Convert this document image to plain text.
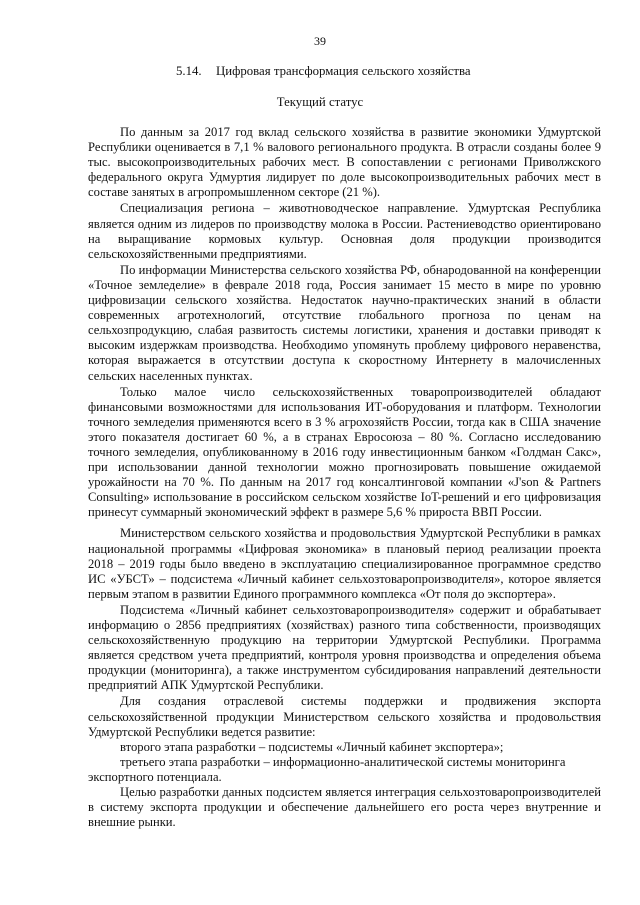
39
5.14. Цифровая трансформация сельского хозяйства
Текущий статус

По данным за 2017 год вклад сельского хозяйства в развитие экономики Удмуртской Республики оценивается в 7,1 % валового регионального продукта. В отрасли созданы более 9 тыс. высокопроизводительных рабочих мест. В сопоставлении с регионами Приволжского федерального округа Удмуртия лидирует по доле высокопроизводительных рабочих мест в составе занятых в агропромышленном секторе (21 %).

Специализация региона – животноводческое направление. Удмуртская Республика является одним из лидеров по производству молока в России. Растениеводство ориентировано на выращивание кормовых культур. Основная доля продукции производится сельскохозяйственными предприятиями.

По информации Министерства сельского хозяйства РФ, обнародованной на конференции «Точное земледелие» в феврале 2018 года, Россия занимает 15 место в мире по уровню цифровизации сельского хозяйства. Недостаток научно-практических знаний в области современных агротехнологий, отсутствие глобального прогноза по ценам на сельхозпродукцию, слабая развитость системы логистики, хранения и доставки приводят к высоким издержкам производства. Необходимо упомянуть проблему цифрового неравенства, которая выражается в отсутствии доступа к скоростному Интернету в малочисленных сельских населенных пунктах.

Только малое число сельскохозяйственных товаропроизводителей обладают финансовыми возможностями для использования ИТ-оборудования и платформ. Технологии точного земледелия применяются всего в 3 % агрохозяйств России, тогда как в США значение этого показателя достигает 60 %, а в странах Евросоюза – 80 %. Согласно исследованию точного земледелия, опубликованному в 2016 году инвестиционным банком «Голдман Сакс», при использовании данной технологии можно прогнозировать повышение ожидаемой урожайности на 70 %. По данным на 2017 год консалтинговой компании «J'son & Partners Consulting» использование в российском сельском хозяйстве IoT-решений и его цифровизация принесут суммарный экономический эффект в размере 5,6 % прироста ВВП России.

Министерством сельского хозяйства и продовольствия Удмуртской Республики в рамках национальной программы «Цифровая экономика» в плановый период реализации проекта 2018 – 2019 годы было введено в эксплуатацию специализированное программное средство ИС «УБСТ» – подсистема «Личный кабинет сельхозтоваропроизводителя», которое является первым этапом в развитии Единого программного комплекса «От поля до экспортера».

Подсистема «Личный кабинет сельхозтоваропроизводителя» содержит и обрабатывает информацию о 2856 предприятиях (хозяйствах) разного типа собственности, производящих сельскохозяйственную продукцию на территории Удмуртской Республики. Программа является средством учета предприятий, контроля уровня производства и определения объема продукции (мониторинга), а также инструментом субсидирования направлений деятельности предприятий АПК Удмуртской Республики.

Для создания отраслевой системы поддержки и продвижения экспорта сельскохозяйственной продукции Министерством сельского хозяйства и продовольствия Удмуртской Республики ведется развитие:

второго этапа разработки – подсистемы «Личный кабинет экспортера»;

третьего этапа разработки – информационно-аналитической системы мониторинга экспортного потенциала.

Целью разработки данных подсистем является интеграция сельхозтоваропроизводителей в систему экспорта продукции и обеспечение дальнейшего его роста через внутренние и внешние рынки.
